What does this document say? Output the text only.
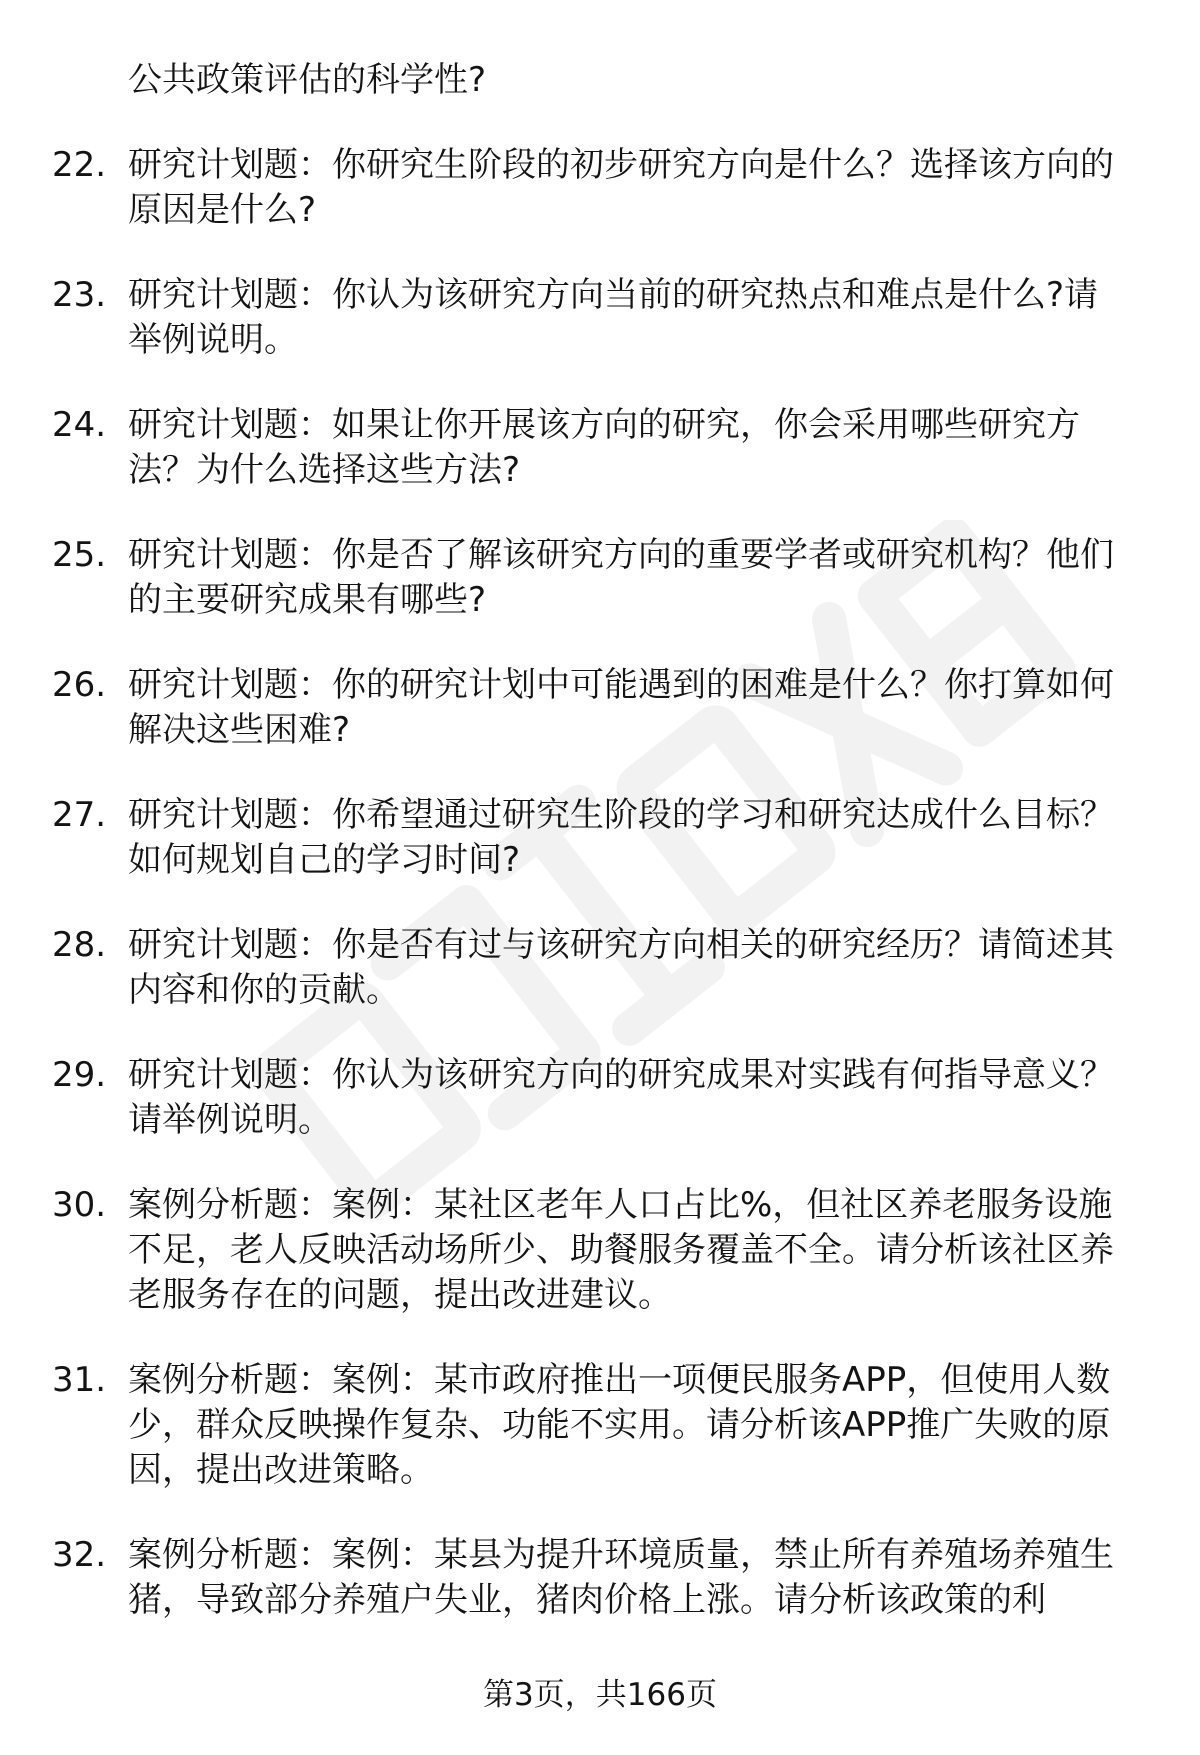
公共政策评估的科学性?
22. 研究计划题：你研究生阶段的初步研究方向是什么？选择该方向的原因是什么?
23. 研究计划题：你认为该研究方向当前的研究热点和难点是什么?请举例说明。
24. 研究计划题：如果让你开展该方向的研究，你会采用哪些研究方法？为什么选择这些方法?
25. 研究计划题：你是否了解该研究方向的重要学者或研究机构？他们的主要研究成果有哪些?
26. 研究计划题：你的研究计划中可能遇到的困难是什么？你打算如何解决这些困难?
27. 研究计划题：你希望通过研究生阶段的学习和研究达成什么目标？如何规划自己的学习时间?
28. 研究计划题：你是否有过与该研究方向相关的研究经历？请简述其内容和你的贡献。
29. 研究计划题：你认为该研究方向的研究成果对实践有何指导意义？请举例说明。
30. 案例分析题：案例：某社区老年人口占比%，但社区养老服务设施不足，老人反映活动场所少、助餐服务覆盖不全。请分析该社区养老服务存在的问题，提出改进建议。
31. 案例分析题：案例：某市政府推出一项便民服务APP，但使用人数少，群众反映操作复杂、功能不实用。请分析该APP推广失败的原因，提出改进策略。
32. 案例分析题：案例：某县为提升环境质量，禁止所有养殖场养殖生猪，导致部分养殖户失业，猪肉价格上涨。请分析该政策的利
第3页，共166页
